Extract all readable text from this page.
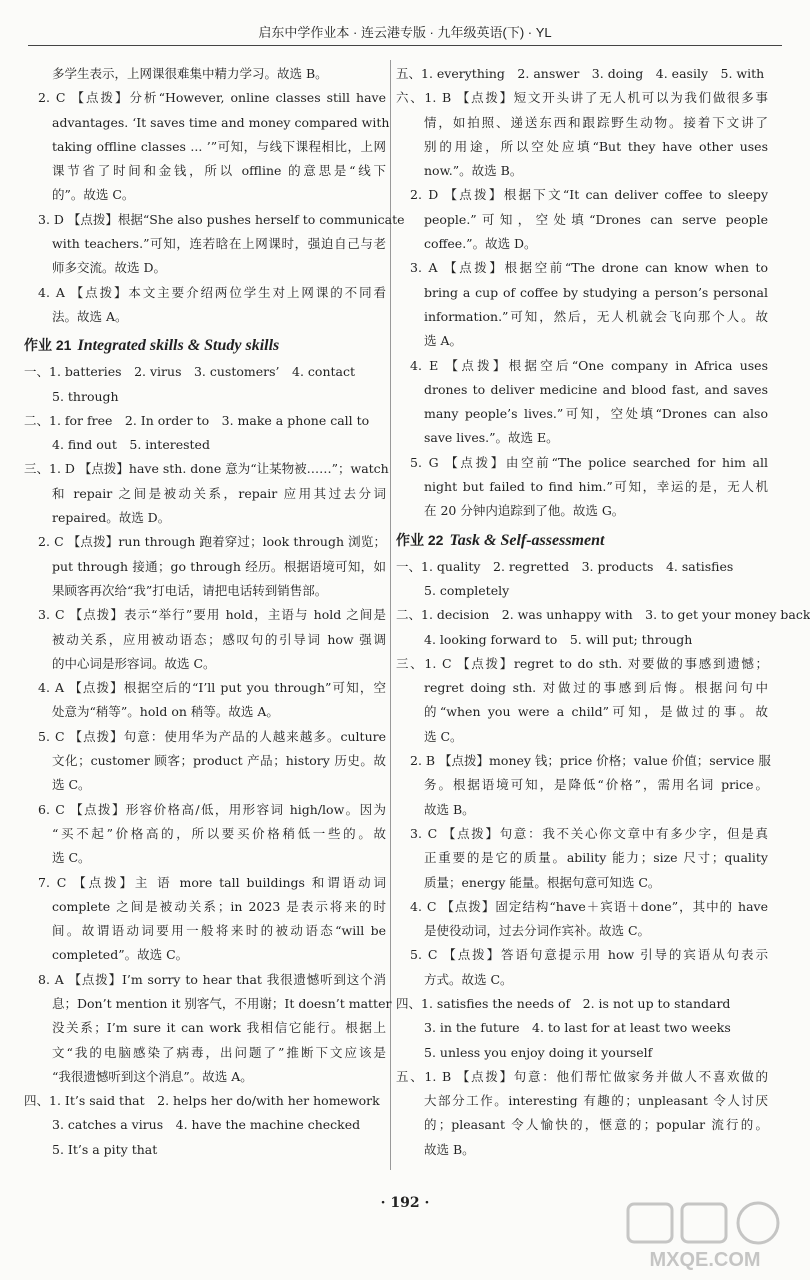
启东中学作业本 · 连云港专版 · 九年级英语(下) · YL
多学生表示，上网课很难集中精力学习。故选 B。
2. C 【点拨】分析“However, online classes still have
advantages. ‘It saves time and money compared with
taking offline classes ... ’”可知，与线下课程相比，上网
课节省了时间和金钱，所以 offline 的意思是“线下
的”。故选 C。
3. D 【点拨】根据“She also pushes herself to communicate
with teachers.”可知，连若晗在上网课时，强迫自己与老
师多交流。故选 D。
4. A 【点拨】本文主要介绍两位学生对上网课的不同看
法。故选 A。
作业 21 Integrated skills & Study skills
一、1. batteries　2. virus　3. customers’　4. contact
5. through
二、1. for free　2. In order to　3. make a phone call to
4. find out　5. interested
三、1. D 【点拨】have sth. done 意为“让某物被……”；watch
和 repair 之间是被动关系，repair 应用其过去分词
repaired。故选 D。
2. C 【点拨】run through 跑着穿过；look through 浏览；
put through 接通；go through 经历。根据语境可知，如
果顾客再次给“我”打电话，请把电话转到销售部。
3. C 【点拨】表示“举行”要用 hold，主语与 hold 之间是
被动关系，应用被动语态；感叹句的引导词 how 强调
的中心词是形容词。故选 C。
4. A 【点拨】根据空后的“I’ll put you through”可知，空
处意为“稍等”。hold on 稍等。故选 A。
5. C 【点拨】句意：使用华为产品的人越来越多。culture
文化；customer 顾客；product 产品；history 历史。故
选 C。
6. C 【点拨】形容价格高/低，用形容词 high/low。因为
“买不起”价格高的，所以要买价格稍低一些的。故
选 C。
7. C 【点拨】主 语 more tall buildings 和谓语动词
complete 之间是被动关系；in 2023 是表示将来的时
间。故谓语动词要用一般将来时的被动语态“will be
completed”。故选 C。
8. A 【点拨】I’m sorry to hear that 我很遗憾听到这个消
息；Don’t mention it 别客气，不用谢；It doesn’t matter
没关系；I’m sure it can work 我相信它能行。根据上
文“我的电脑感染了病毒，出问题了”推断下文应该是
“我很遗憾听到这个消息”。故选 A。
四、1. It’s said that　2. helps her do/with her homework
3. catches a virus　4. have the machine checked
5. It’s a pity that
五、1. everything　2. answer　3. doing　4. easily　5. with
六、1. B 【点拨】短文开头讲了无人机可以为我们做很多事
情，如拍照、递送东西和跟踪野生动物。接着下文讲了
别的用途，所以空处应填“But they have other uses
now.”。故选 B。
2. D 【点拨】根据下文“It can deliver coffee to sleepy
people.”可知，空处填“Drones can serve people
coffee.”。故选 D。
3. A 【点拨】根据空前“The drone can know when to
bring a cup of coffee by studying a person’s personal
information.”可知，然后，无人机就会飞向那个人。故
选 A。
4. E 【点拨】根据空后“One company in Africa uses
drones to deliver medicine and blood fast, and saves
many people’s lives.”可知，空处填“Drones can also
save lives.”。故选 E。
5. G 【点拨】由空前“The police searched for him all
night but failed to find him.”可知，幸运的是，无人机
在 20 分钟内追踪到了他。故选 G。
作业 22 Task & Self-assessment
一、1. quality　2. regretted　3. products　4. satisfies
5. completely
二、1. decision　2. was unhappy with　3. to get your money back
4. looking forward to　5. will put; through
三、1. C 【点拨】regret to do sth. 对要做的事感到遗憾；
regret doing sth. 对做过的事感到后悔。根据问句中
的“when you were a child”可知，是做过的事。故
选 C。
2. B 【点拨】money 钱；price 价格；value 价值；service 服
务。根据语境可知，是降低“价格”，需用名词 price。
故选 B。
3. C 【点拨】句意：我不关心你文章中有多少字，但是真
正重要的是它的质量。ability 能力；size 尺寸；quality
质量；energy 能量。根据句意可知选 C。
4. C 【点拨】固定结构“have＋宾语＋done”，其中的 have
是使役动词，过去分词作宾补。故选 C。
5. C 【点拨】答语句意提示用 how 引导的宾语从句表示
方式。故选 C。
四、1. satisfies the needs of　2. is not up to standard
3. in the future　4. to last for at least two weeks
5. unless you enjoy doing it yourself
五、1. B 【点拨】句意：他们帮忙做家务并做人不喜欢做的
大部分工作。interesting 有趣的；unpleasant 令人讨厌
的；pleasant 令人愉快的，惬意的；popular 流行的。
故选 B。
· 192 ·
MXQE.COM
